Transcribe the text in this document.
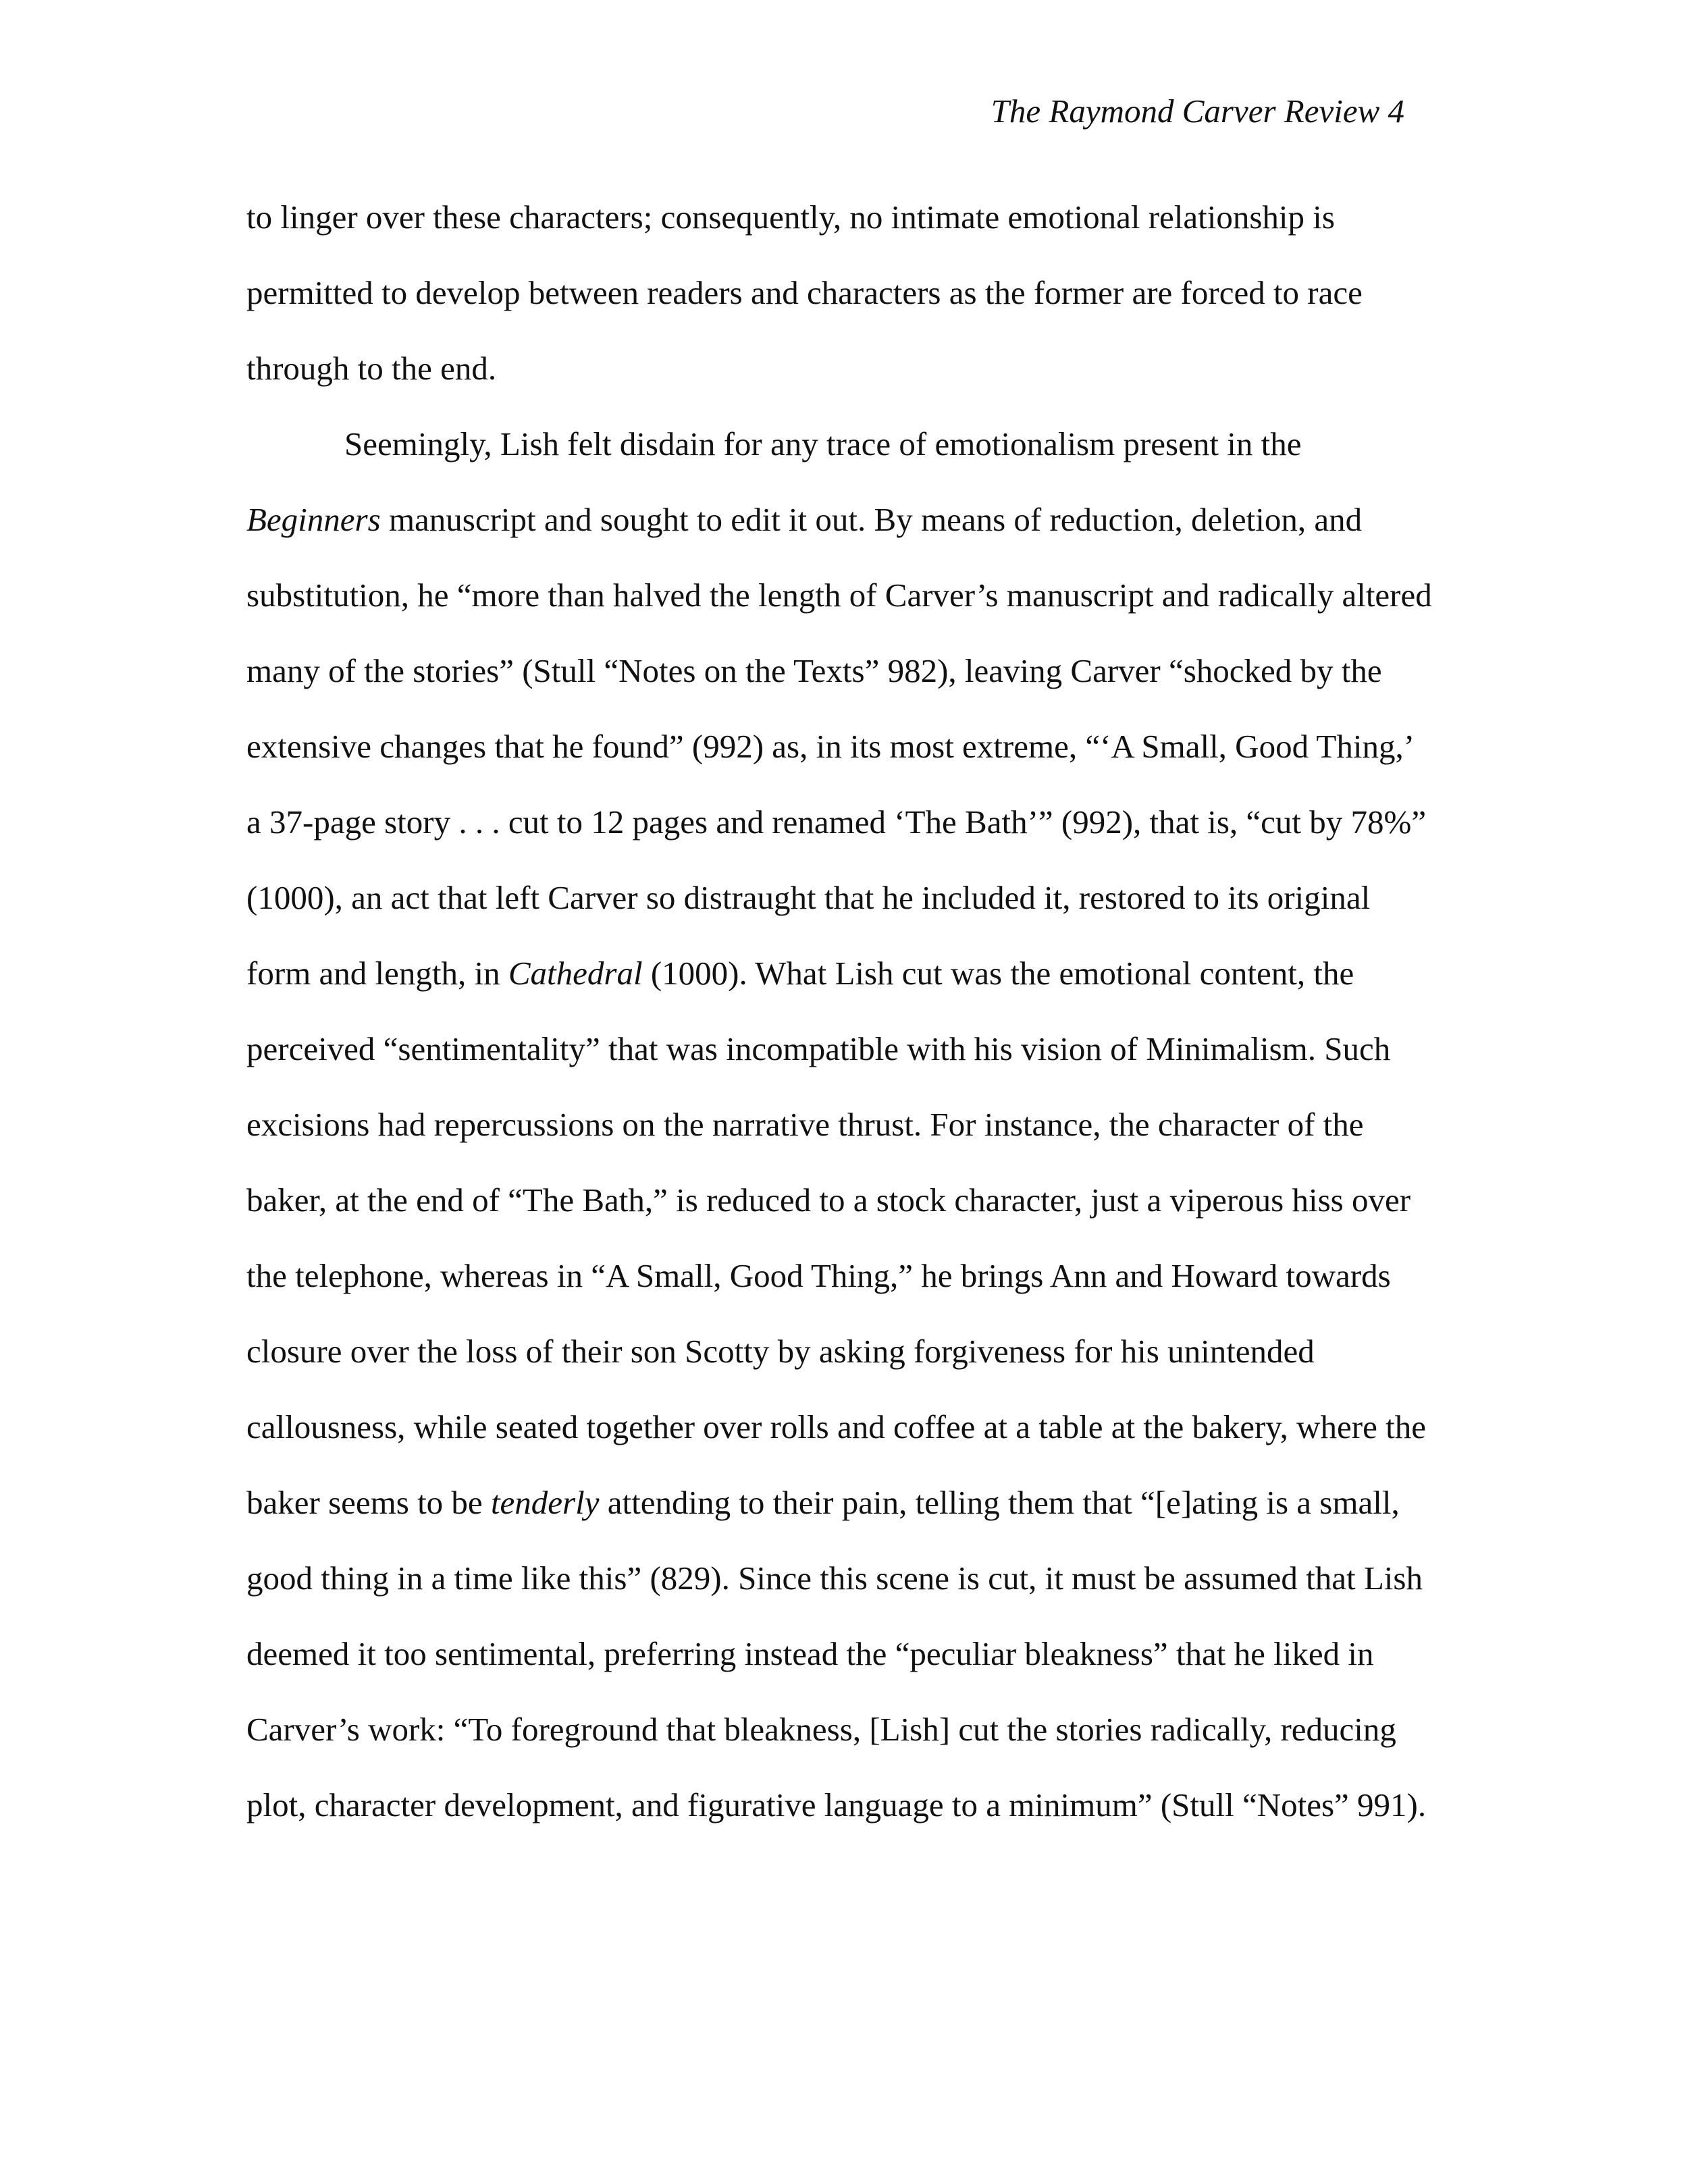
The Raymond Carver Review 4
to linger over these characters; consequently, no intimate emotional relationship is
permitted to develop between readers and characters as the former are forced to race
through to the end.
Seemingly, Lish felt disdain for any trace of emotionalism present in the
Beginners manuscript and sought to edit it out. By means of reduction, deletion, and
substitution, he “more than halved the length of Carver’s manuscript and radically altered
many of the stories” (Stull “Notes on the Texts” 982), leaving Carver “shocked by the
extensive changes that he found” (992) as, in its most extreme, “‘A Small, Good Thing,’
a 37-page story . . . cut to 12 pages and renamed ‘The Bath’” (992), that is, “cut by 78%”
(1000), an act that left Carver so distraught that he included it, restored to its original
form and length, in Cathedral (1000). What Lish cut was the emotional content, the
perceived “sentimentality” that was incompatible with his vision of Minimalism. Such
excisions had repercussions on the narrative thrust. For instance, the character of the
baker, at the end of “The Bath,” is reduced to a stock character, just a viperous hiss over
the telephone, whereas in “A Small, Good Thing,” he brings Ann and Howard towards
closure over the loss of their son Scotty by asking forgiveness for his unintended
callousness, while seated together over rolls and coffee at a table at the bakery, where the
baker seems to be tenderly attending to their pain, telling them that “[e]ating is a small,
good thing in a time like this” (829). Since this scene is cut, it must be assumed that Lish
deemed it too sentimental, preferring instead the “peculiar bleakness” that he liked in
Carver’s work: “To foreground that bleakness, [Lish] cut the stories radically, reducing
plot, character development, and figurative language to a minimum” (Stull “Notes” 991).
